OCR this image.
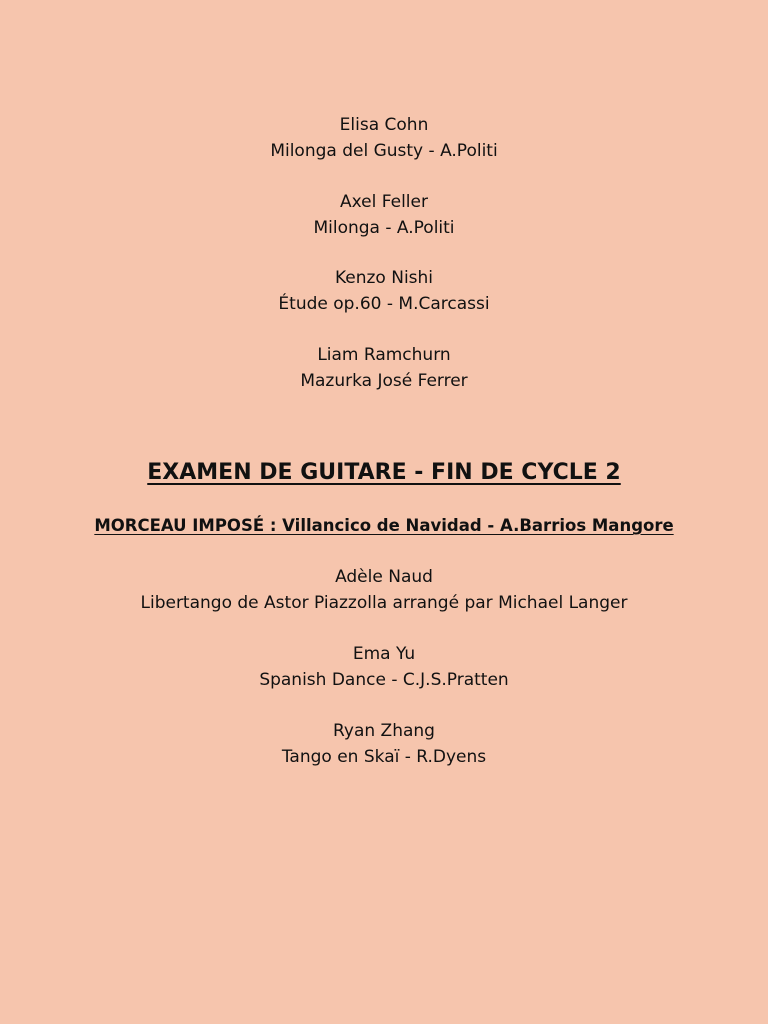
Elisa Cohn
Milonga del Gusty - A.Politi
Axel Feller
Milonga - A.Politi
Kenzo Nishi
Étude op.60 - M.Carcassi
Liam Ramchurn
Mazurka José Ferrer
EXAMEN DE GUITARE - FIN DE CYCLE 2
MORCEAU IMPOSÉ : Villancico de Navidad - A.Barrios Mangore
Adèle Naud
Libertango de Astor Piazzolla arrangé par Michael Langer
Ema Yu
Spanish Dance - C.J.S.Pratten
Ryan Zhang
Tango en Skaï - R.Dyens
